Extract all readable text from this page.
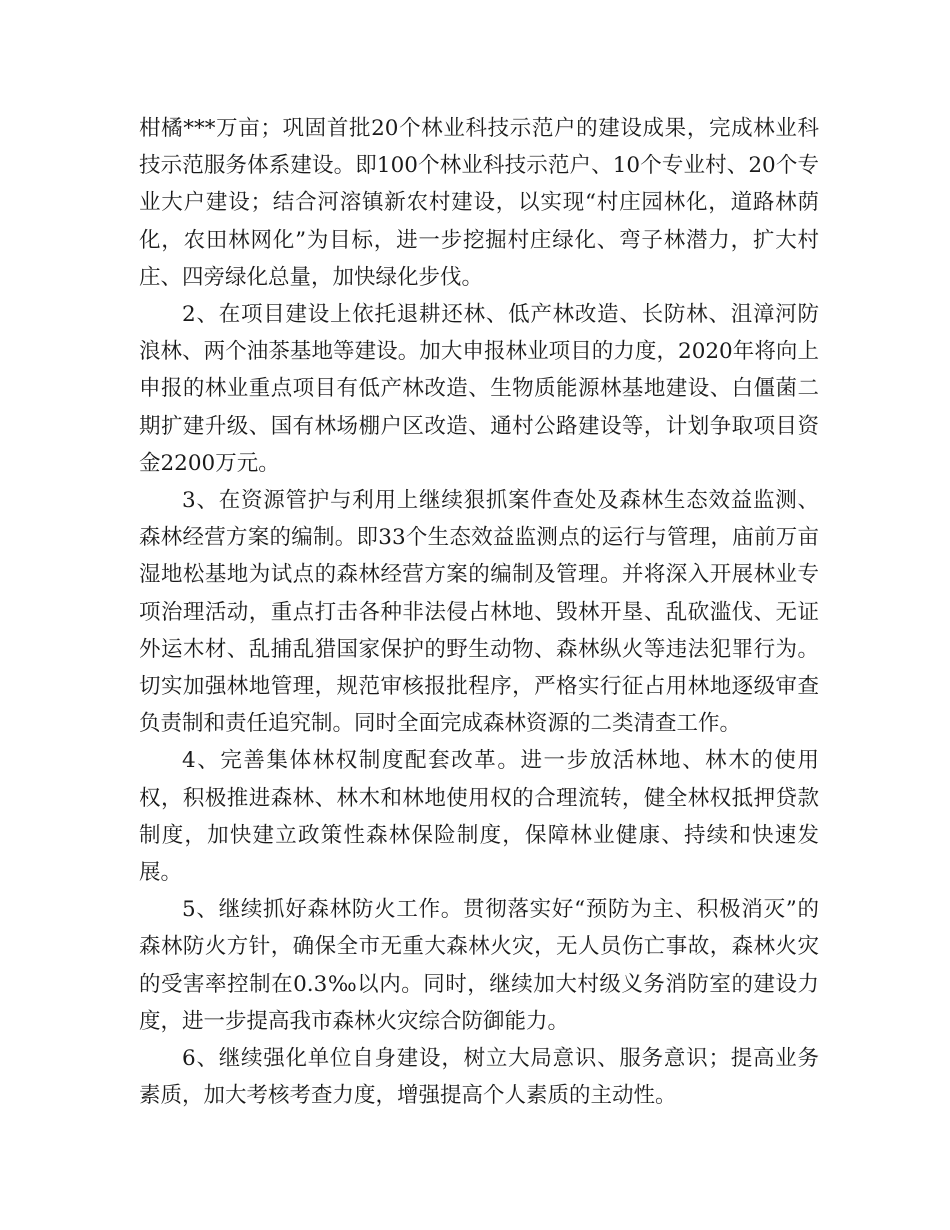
柑橘***万亩；巩固首批20个林业科技示范户的建设成果，完成林业科技示范服务体系建设。即100个林业科技示范户、10个专业村、20个专业大户建设；结合河溶镇新农村建设，以实现“村庄园林化，道路林荫化，农田林网化”为目标，进一步挖掘村庄绿化、弯子林潜力，扩大村庄、四旁绿化总量，加快绿化步伐。

2、在项目建设上依托退耕还林、低产林改造、长防林、沮漳河防浪林、两个油茶基地等建设。加大申报林业项目的力度，2020年将向上申报的林业重点项目有低产林改造、生物质能源林基地建设、白僵菌二期扩建升级、国有林场棚户区改造、通村公路建设等，计划争取项目资金2200万元。

3、在资源管护与利用上继续狠抓案件查处及森林生态效益监测、森林经营方案的编制。即33个生态效益监测点的运行与管理，庙前万亩湿地松基地为试点的森林经营方案的编制及管理。并将深入开展林业专项治理活动，重点打击各种非法侵占林地、毁林开垦、乱砍滥伐、无证外运木材、乱捕乱猎国家保护的野生动物、森林纵火等违法犯罪行为。切实加强林地管理，规范审核报批程序，严格实行征占用林地逐级审查负责制和责任追究制。同时全面完成森林资源的二类清查工作。

4、完善集体林权制度配套改革。进一步放活林地、林木的使用权，积极推进森林、林木和林地使用权的合理流转，健全林权抵押贷款制度，加快建立政策性森林保险制度，保障林业健康、持续和快速发展。

5、继续抓好森林防火工作。贯彻落实好“预防为主、积极消灭”的森林防火方针，确保全市无重大森林火灾，无人员伤亡事故，森林火灾的受害率控制在0.3‰以内。同时，继续加大村级义务消防室的建设力度，进一步提高我市森林火灾综合防御能力。

6、继续强化单位自身建设，树立大局意识、服务意识；提高业务素质，加大考核考查力度，增强提高个人素质的主动性。
